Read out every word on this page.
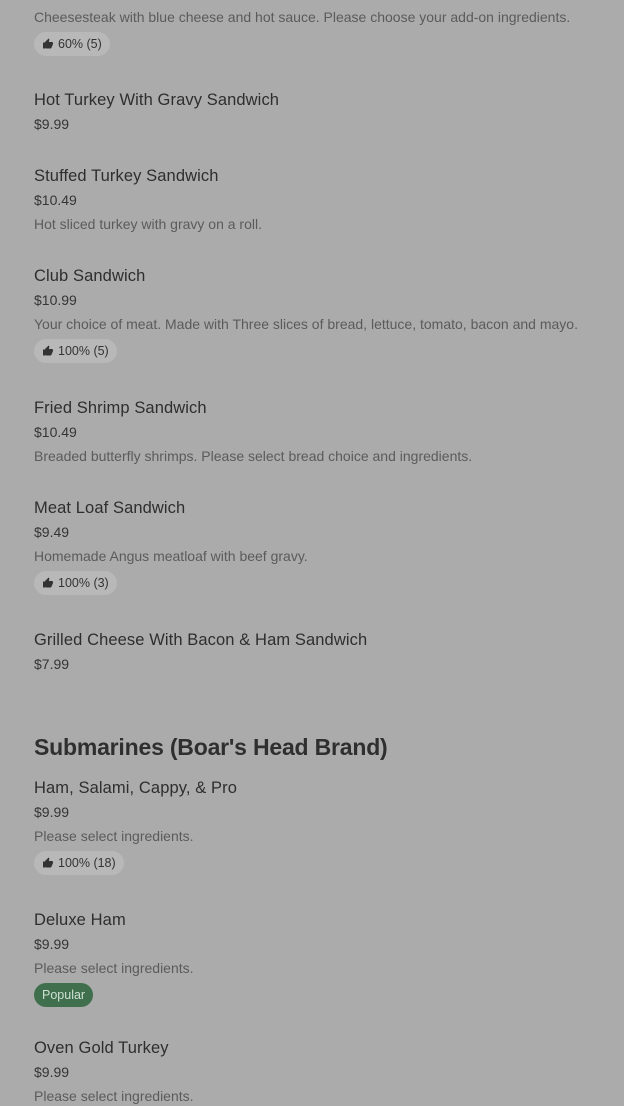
Cheesesteak with blue cheese and hot sauce. Please choose your add-on ingredients.
60% (5)
Hot Turkey With Gravy Sandwich
$9.99
Stuffed Turkey Sandwich
$10.49
Hot sliced turkey with gravy on a roll.
Club Sandwich
$10.99
Your choice of meat. Made with Three slices of bread, lettuce, tomato, bacon and mayo.
100% (5)
Fried Shrimp Sandwich
$10.49
Breaded butterfly shrimps. Please select bread choice and ingredients.
Meat Loaf Sandwich
$9.49
Homemade Angus meatloaf with beef gravy.
100% (3)
Grilled Cheese With Bacon & Ham Sandwich
$7.99
Submarines (Boar's Head Brand)
Ham, Salami, Cappy, & Pro
$9.99
Please select ingredients.
100% (18)
Deluxe Ham
$9.99
Please select ingredients.
Popular
Oven Gold Turkey
$9.99
Please select ingredients.
